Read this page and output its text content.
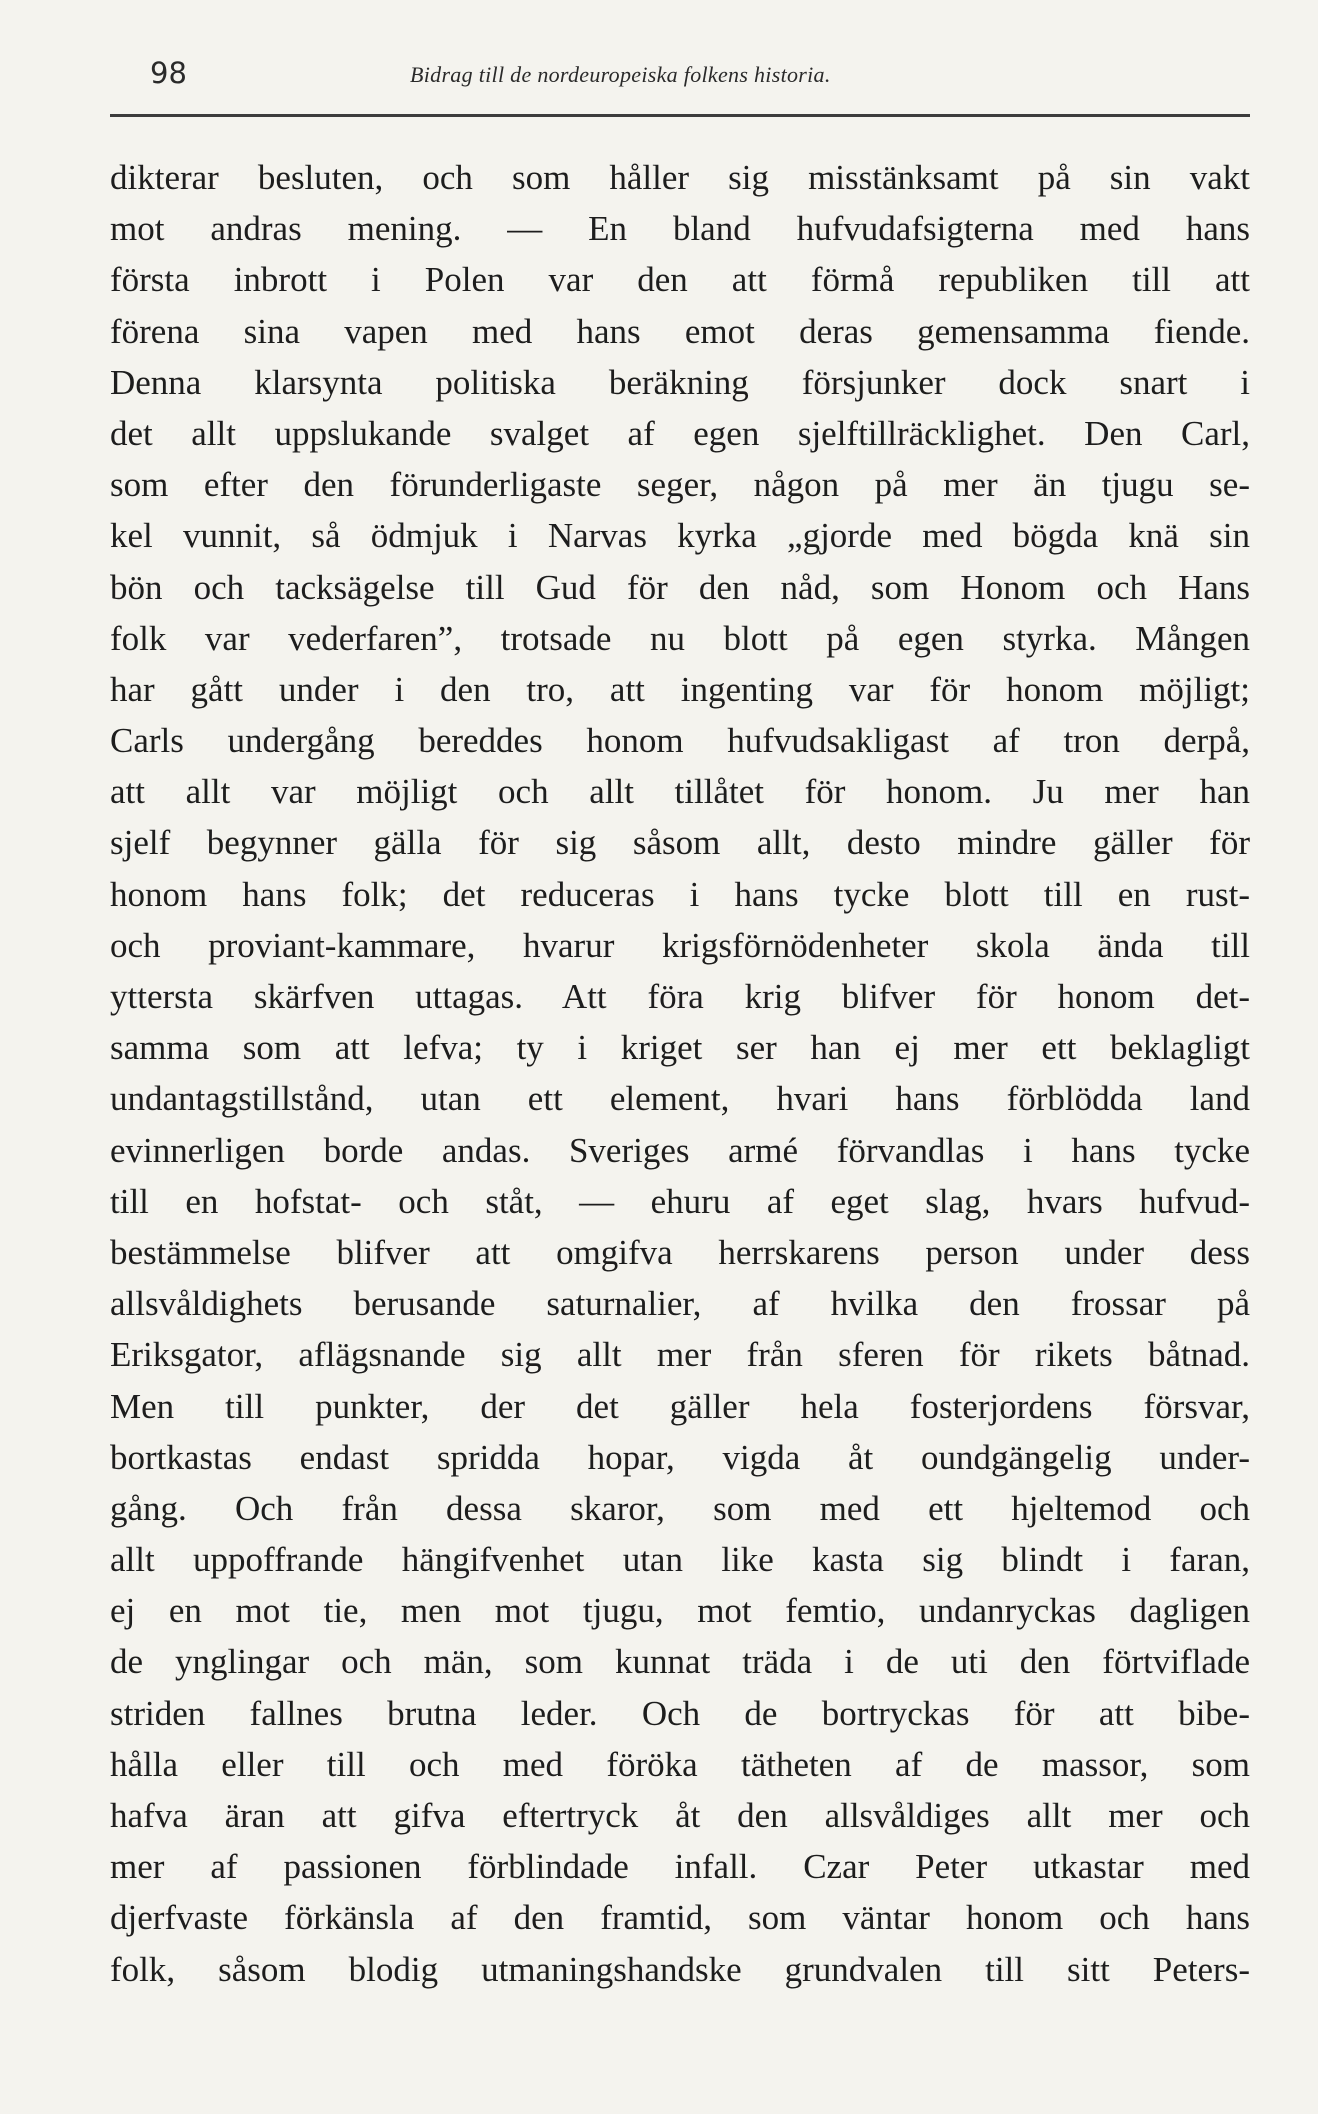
98	Bidrag till de nordeuropeiska folkens historia.
dikterar besluten, och som håller sig misstänksamt på sin vakt
mot andras mening. — En bland hufvudafsigterna med hans
första inbrott i Polen var den att förmå republiken till att
förena sina vapen med hans emot deras gemensamma fiende.
Denna klarsynta politiska beräkning försjunker dock snart i
det allt uppslukande svalget af egen sjelftillräcklighet. Den Carl,
som efter den förunderligaste seger, någon på mer än tjugu se-
kel vunnit, så ödmjuk i Narvas kyrka „gjorde med bögda knä sin
bön och tacksägelse till Gud för den nåd, som Honom och Hans
folk var vederfaren”, trotsade nu blott på egen styrka. Mången
har gått under i den tro, att ingenting var för honom möjligt;
Carls undergång bereddes honom hufvudsakligast af tron derpå,
att allt var möjligt och allt tillåtet för honom. Ju mer han
sjelf begynner gälla för sig såsom allt, desto mindre gäller för
honom hans folk; det reduceras i hans tycke blott till en rust-
och proviant-kammare, hvarur krigsförnödenheter skola ända till
yttersta skärfven uttagas. Att föra krig blifver för honom det-
samma som att lefva; ty i kriget ser han ej mer ett beklagligt
undantagstillstånd, utan ett element, hvari hans förblödda land
evinnerligen borde andas. Sveriges armé förvandlas i hans tycke
till en hofstat- och ståt, — ehuru af eget slag, hvars hufvud-
bestämmelse blifver att omgifva herrskarens person under dess
allsvåldighets berusande saturnalier, af hvilka den frossar på
Eriksgator, aflägsnande sig allt mer från sferen för rikets båtnad.
Men till punkter, der det gäller hela fosterjordens försvar,
bortkastas endast spridda hopar, vigda åt oundgängelig under-
gång. Och från dessa skaror, som med ett hjeltemod och
allt uppoffrande hängifvenhet utan like kasta sig blindt i faran,
ej en mot tie, men mot tjugu, mot femtio, undanryckas dagligen
de ynglingar och män, som kunnat träda i de uti den förtviflade
striden fallnes brutna leder. Och de bortryckas för att bibe-
hålla eller till och med föröka tätheten af de massor, som
hafva äran att gifva eftertryck åt den allsvåldiges allt mer och
mer af passionen förblindade infall. Czar Peter utkastar med
djerfvaste förkänsla af den framtid, som väntar honom och hans
folk, såsom blodig utmaningshandske grundvalen till sitt Peters-
